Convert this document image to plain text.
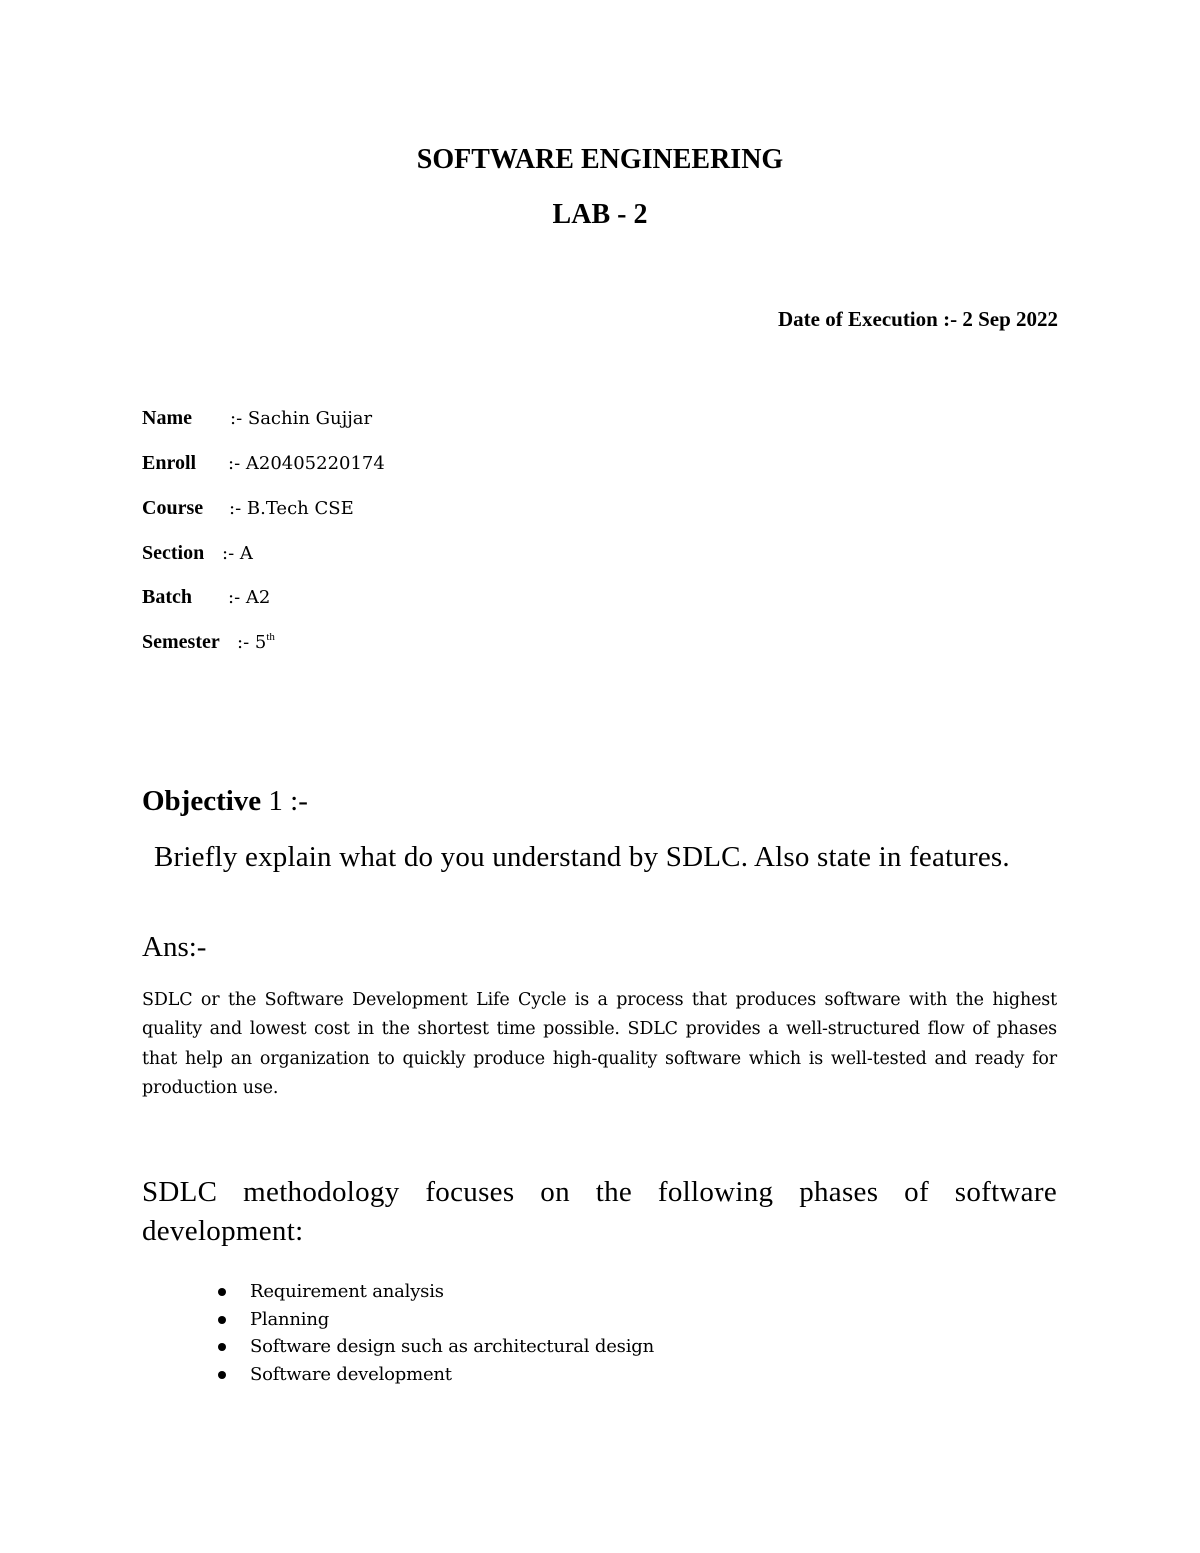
SOFTWARE ENGINEERING
LAB - 2
Date of Execution :- 2 Sep 2022
Name :- Sachin Gujjar
Enroll :- A20405220174
Course :- B.Tech CSE
Section :- A
Batch :- A2
Semester :- 5th
Objective 1 :-
Briefly explain what do you understand by SDLC. Also state in features.
Ans:-
SDLC or the Software Development Life Cycle is a process that produces software with the highest quality and lowest cost in the shortest time possible. SDLC provides a well-structured flow of phases that help an organization to quickly produce high-quality software which is well-tested and ready for production use.
SDLC methodology focuses on the following phases of software development:
Requirement analysis
Planning
Software design such as architectural design
Software development
